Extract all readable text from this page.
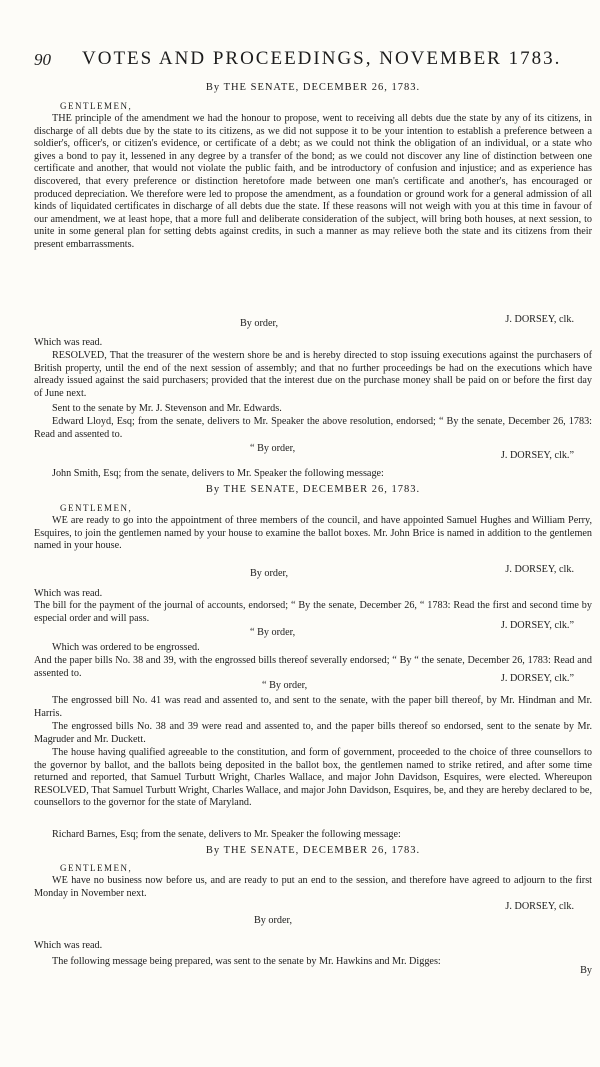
90 VOTES AND PROCEEDINGS, NOVEMBER 1783.
By THE SENATE, DECEMBER 26, 1783.
GENTLEMEN,
THE principle of the amendment we had the honour to propose, went to receiving all debts due the state by any of its citizens, in discharge of all debts due by the state to its citizens, as we did not suppose it to be your intention to establish a preference between a soldier's, officer's, or citizen's evidence, or certificate of a debt; as we could not think the obligation of an individual, or a state who gives a bond to pay it, lessened in any degree by a transfer of the bond; as we could not discover any line of distinction between one certificate and another, that would not violate the public faith, and be introductory of confusion and injustice; and as experience has discovered, that every preference or distinction heretofore made between one man's certificate and another's, has encouraged or produced depreciation. We therefore were led to propose the amendment, as a foundation or ground work for a general admission of all kinds of liquidated certificates in discharge of all debts due the state. If these reasons will not weigh with you at this time in favour of our amendment, we at least hope, that a more full and deliberate consideration of the subject, will bring both houses, at next session, to unite in some general plan for setting debts against credits, in such a manner as may relieve both the state and its citizens from their present embarrassments.
By order,	J. DORSEY, clk.
Which was read.
RESOLVED, That the treasurer of the western shore be and is hereby directed to stop issuing executions against the purchasers of British property, until the end of the next session of assembly; and that no further proceedings be had on the executions which have already issued against the said purchasers; provided that the interest due on the purchase money shall be paid on or before the first day of June next.
Sent to the senate by Mr. J. Stevenson and Mr. Edwards.
Edward Lloyd, Esq; from the senate, delivers to Mr. Speaker the above resolution, endorsed; “ By the senate, December 26, 1783: Read and assented to.
“ By order,
J. DORSEY, clk.”
John Smith, Esq; from the senate, delivers to Mr. Speaker the following message:
By THE SENATE, DECEMBER 26, 1783.
GENTLEMEN,
WE are ready to go into the appointment of three members of the council, and have appointed Samuel Hughes and William Perry, Esquires, to join the gentlemen named by your house to examine the ballot boxes. Mr. John Brice is named in addition to the gentlemen named in your house.
By order,	J. DORSEY, clk.
Which was read.
The bill for the payment of the journal of accounts, endorsed; “ By the senate, December 26, “ 1783: Read the first and second time by especial order and will pass.
“ By order,
J. DORSEY, clk.”
Which was ordered to be engrossed.
And the paper bills No. 38 and 39, with the engrossed bills thereof severally endorsed; “ By “ the senate, December 26, 1783: Read and assented to.
“ By order,
J. DORSEY, clk.”
The engrossed bill No. 41 was read and assented to, and sent to the senate, with the paper bill thereof, by Mr. Hindman and Mr. Harris.
The engrossed bills No. 38 and 39 were read and assented to, and the paper bills thereof so endorsed, sent to the senate by Mr. Magruder and Mr. Duckett.
The house having qualified agreeable to the constitution, and form of government, proceeded to the choice of three counsellors to the governor by ballot, and the ballots being deposited in the ballot box, the gentlemen named to strike retired, and after some time returned and reported, that Samuel Turbutt Wright, Charles Wallace, and major John Davidson, Esquires, were elected. Whereupon RESOLVED, That Samuel Turbutt Wright, Charles Wallace, and major John Davidson, Esquires, be, and they are hereby declared to be, counsellors to the governor for the state of Maryland.
Richard Barnes, Esq; from the senate, delivers to Mr. Speaker the following message:
By THE SENATE, DECEMBER 26, 1783.
GENTLEMEN,
WE have no business now before us, and are ready to put an end to the session, and therefore have agreed to adjourn to the first Monday in November next.
J. DORSEY, clk.
By order,
Which was read.
The following message being prepared, was sent to the senate by Mr. Hawkins and Mr. Digges:
By
